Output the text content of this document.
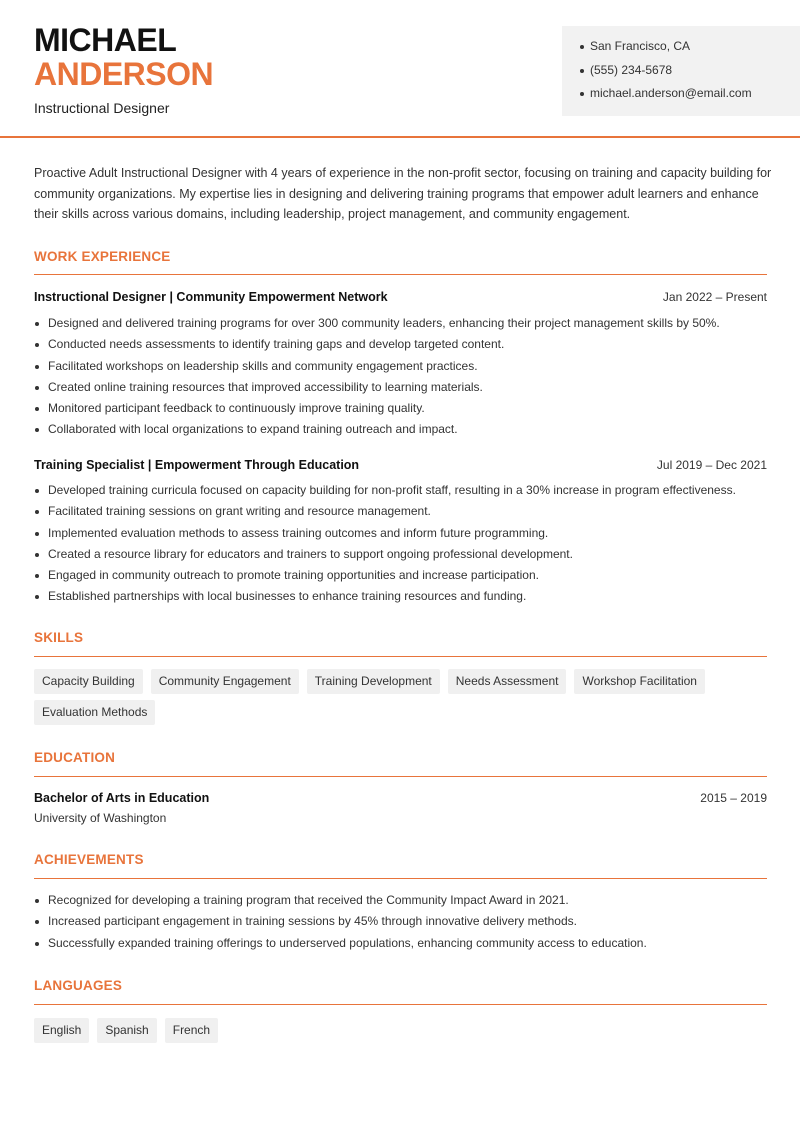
MICHAEL
ANDERSON
Instructional Designer
San Francisco, CA
(555) 234-5678
michael.anderson@email.com

Proactive Adult Instructional Designer with 4 years of experience in the non-profit sector, focusing on training and capacity building for community organizations. My expertise lies in designing and delivering training programs that empower adult learners and enhance their skills across various domains, including leadership, project management, and community engagement.

WORK EXPERIENCE
Instructional Designer | Community Empowerment Network	Jan 2022 – Present
Designed and delivered training programs for over 300 community leaders, enhancing their project management skills by 50%.
Conducted needs assessments to identify training gaps and develop targeted content.
Facilitated workshops on leadership skills and community engagement practices.
Created online training resources that improved accessibility to learning materials.
Monitored participant feedback to continuously improve training quality.
Collaborated with local organizations to expand training outreach and impact.
Training Specialist | Empowerment Through Education	Jul 2019 – Dec 2021
Developed training curricula focused on capacity building for non-profit staff, resulting in a 30% increase in program effectiveness.
Facilitated training sessions on grant writing and resource management.
Implemented evaluation methods to assess training outcomes and inform future programming.
Created a resource library for educators and trainers to support ongoing professional development.
Engaged in community outreach to promote training opportunities and increase participation.
Established partnerships with local businesses to enhance training resources and funding.
SKILLS
Capacity Building	Community Engagement	Training Development	Needs Assessment	Workshop Facilitation
Evaluation Methods
EDUCATION
Bachelor of Arts in Education	2015 – 2019
University of Washington
ACHIEVEMENTS
Recognized for developing a training program that received the Community Impact Award in 2021.
Increased participant engagement in training sessions by 45% through innovative delivery methods.
Successfully expanded training offerings to underserved populations, enhancing community access to education.
LANGUAGES
English	Spanish	French
